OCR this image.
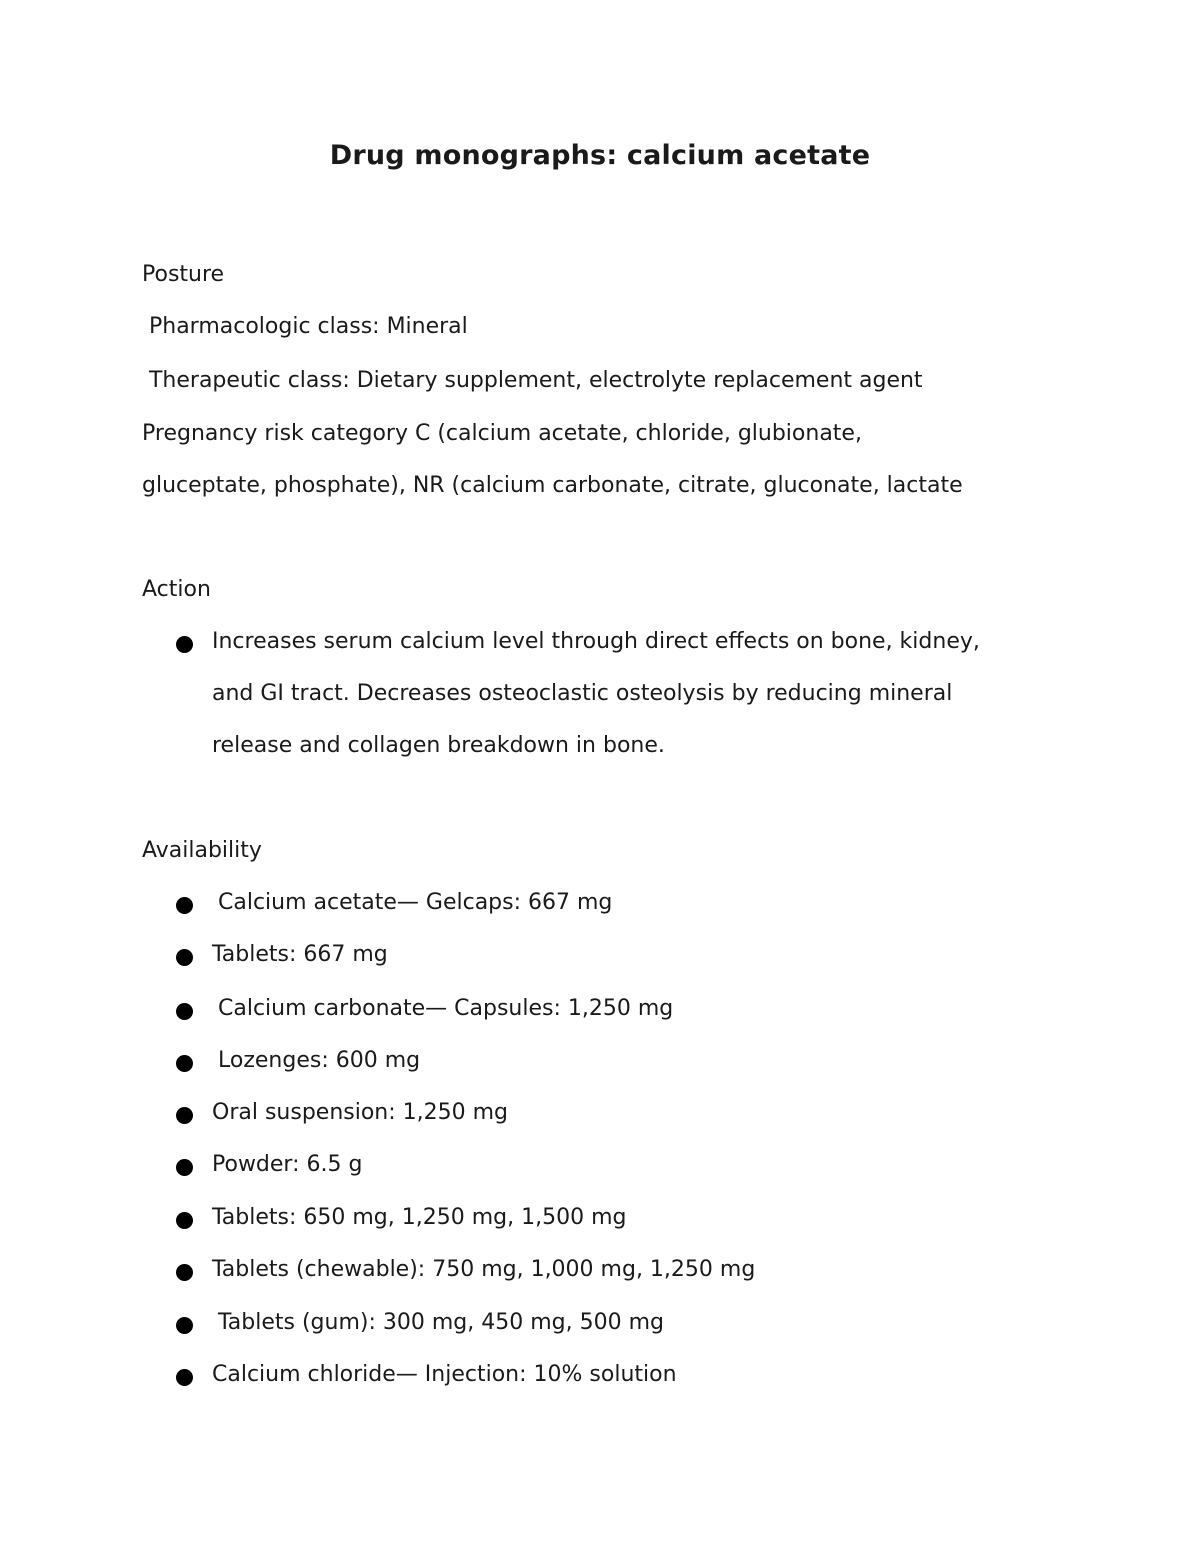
Drug monographs: calcium acetate
Posture
Pharmacologic class: Mineral
Therapeutic class: Dietary supplement, electrolyte replacement agent
Pregnancy risk category C (calcium acetate, chloride, glubionate,
gluceptate, phosphate), NR (calcium carbonate, citrate, gluconate, lactate
Action
Increases serum calcium level through direct effects on bone, kidney,
and GI tract. Decreases osteoclastic osteolysis by reducing mineral
release and collagen breakdown in bone.
Availability
Calcium acetate— Gelcaps: 667 mg
Tablets: 667 mg
Calcium carbonate— Capsules: 1,250 mg
Lozenges: 600 mg
Oral suspension: 1,250 mg
Powder: 6.5 g
Tablets: 650 mg, 1,250 mg, 1,500 mg
Tablets (chewable): 750 mg, 1,000 mg, 1,250 mg
Tablets (gum): 300 mg, 450 mg, 500 mg
Calcium chloride— Injection: 10% solution
